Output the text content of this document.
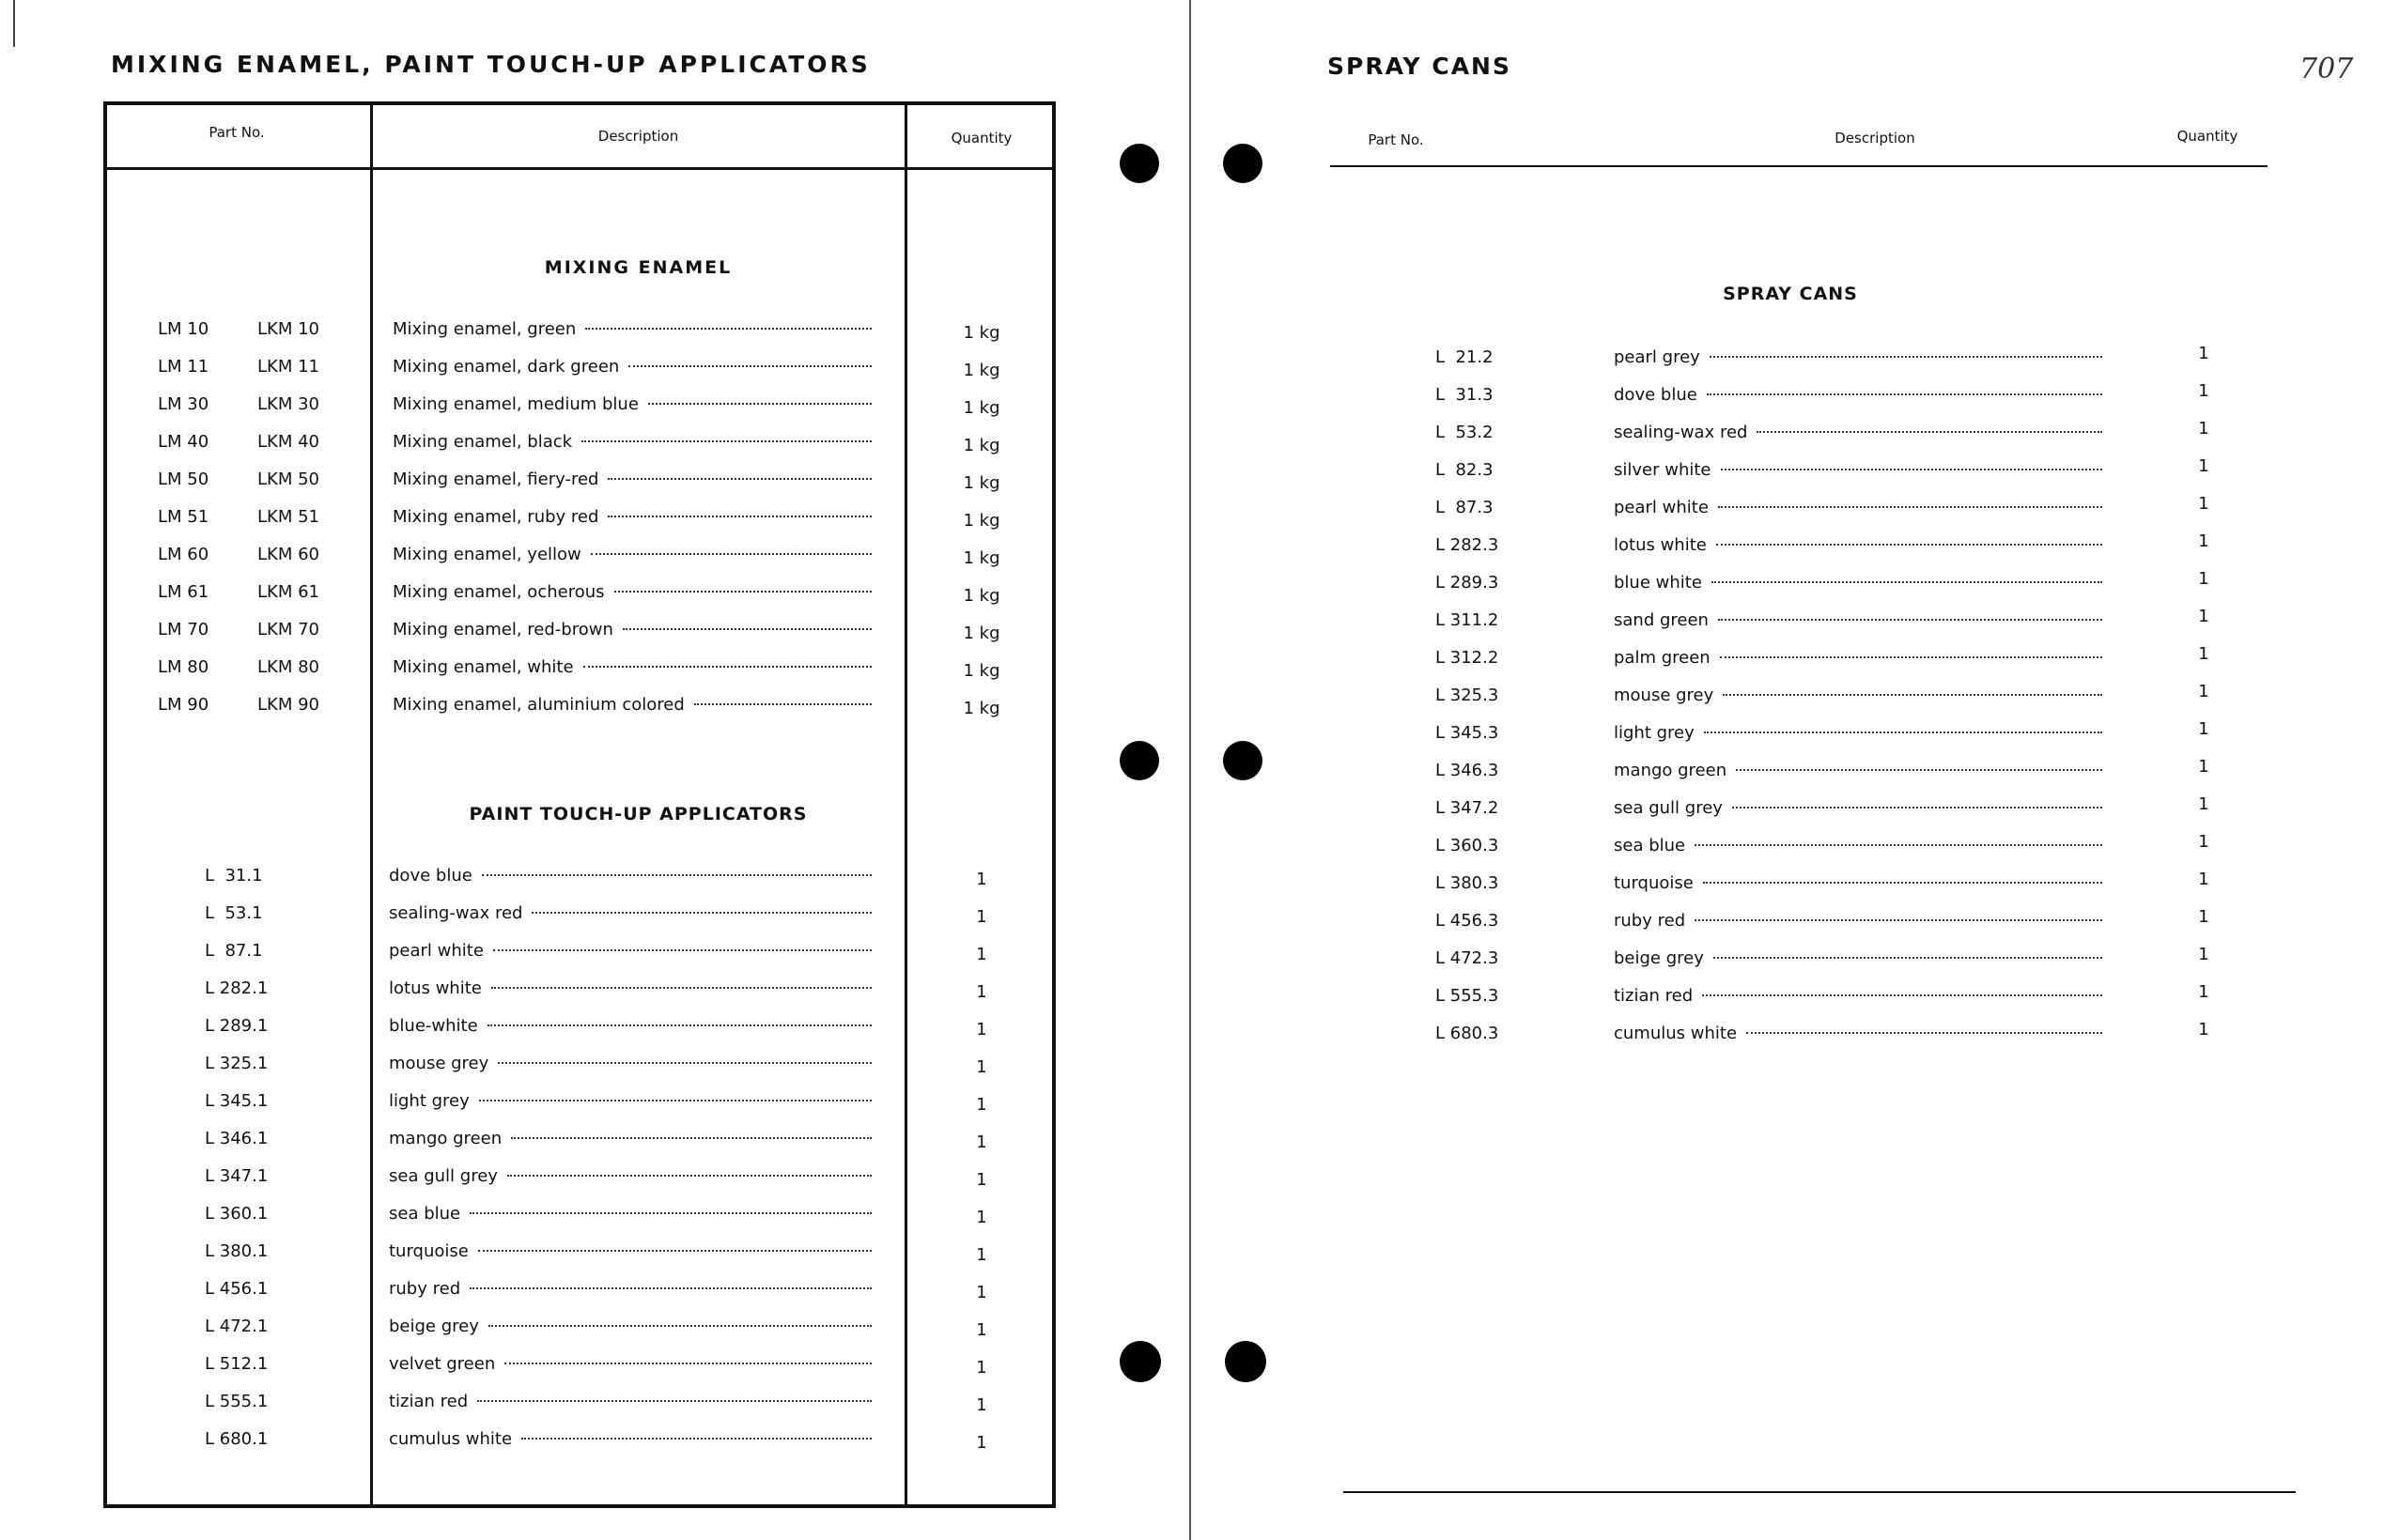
MIXING ENAMEL, PAINT TOUCH-UP APPLICATORS
Part No.	Description	Quantity
MIXING ENAMEL
LM 10	LKM 10	Mixing enamel, green	1 kg
LM 11	LKM 11	Mixing enamel, dark green	1 kg
LM 30	LKM 30	Mixing enamel, medium blue	1 kg
LM 40	LKM 40	Mixing enamel, black	1 kg
LM 50	LKM 50	Mixing enamel, fiery-red	1 kg
LM 51	LKM 51	Mixing enamel, ruby red	1 kg
LM 60	LKM 60	Mixing enamel, yellow	1 kg
LM 61	LKM 61	Mixing enamel, ocherous	1 kg
LM 70	LKM 70	Mixing enamel, red-brown	1 kg
LM 80	LKM 80	Mixing enamel, white	1 kg
LM 90	LKM 90	Mixing enamel, aluminium colored	1 kg
PAINT TOUCH-UP APPLICATORS
L  31.1	dove blue	1
L  53.1	sealing-wax red	1
L  87.1	pearl white	1
L 282.1	lotus white	1
L 289.1	blue-white	1
L 325.1	mouse grey	1
L 345.1	light grey	1
L 346.1	mango green	1
L 347.1	sea gull grey	1
L 360.1	sea blue	1
L 380.1	turquoise	1
L 456.1	ruby red	1
L 472.1	beige grey	1
L 512.1	velvet green	1
L 555.1	tizian red	1
L 680.1	cumulus white	1
SPRAY CANS	707
Part No.	Description	Quantity
SPRAY CANS
L  21.2	pearl grey	1
L  31.3	dove blue	1
L  53.2	sealing-wax red	1
L  82.3	silver white	1
L  87.3	pearl white	1
L 282.3	lotus white	1
L 289.3	blue white	1
L 311.2	sand green	1
L 312.2	palm green	1
L 325.3	mouse grey	1
L 345.3	light grey	1
L 346.3	mango green	1
L 347.2	sea gull grey	1
L 360.3	sea blue	1
L 380.3	turquoise	1
L 456.3	ruby red	1
L 472.3	beige grey	1
L 555.3	tizian red	1
L 680.3	cumulus white	1
